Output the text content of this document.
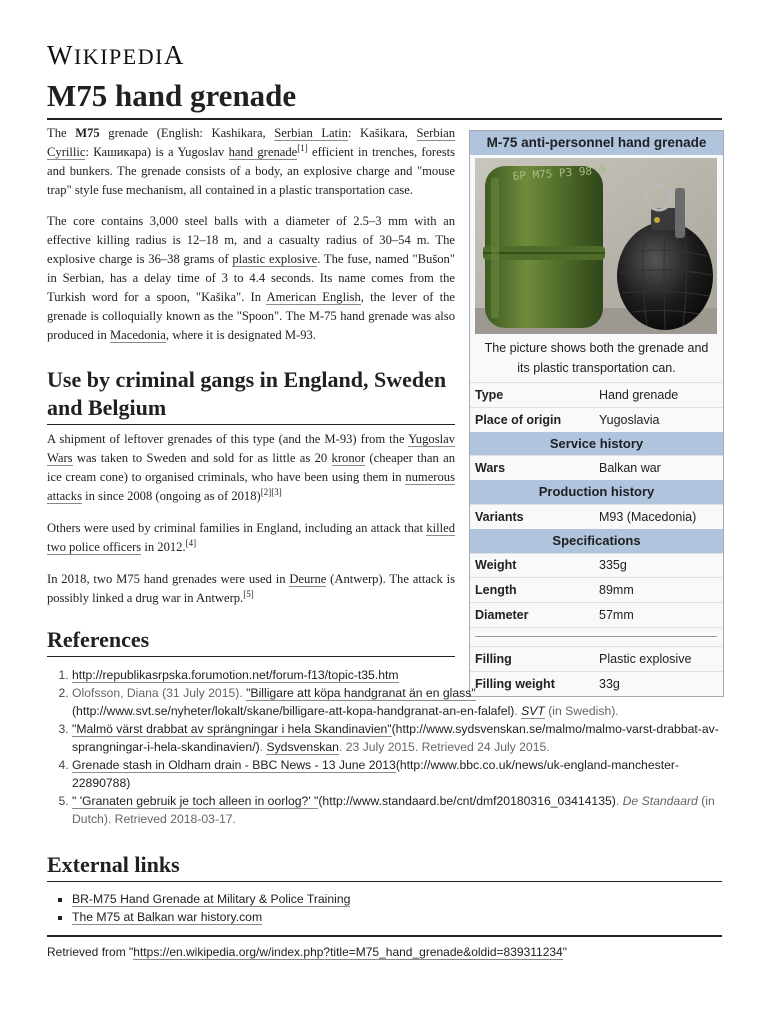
WIKIPEDIA
M75 hand grenade

The M75 grenade (English: Kashikara, Serbian Latin: Kašikara, Serbian Cyrillic: Кашикара) is a Yugoslav hand grenade[1] efficient in trenches, forests and bunkers. The grenade consists of a body, an explosive charge and "mouse trap" style fuse mechanism, all contained in a plastic transportation case.

The core contains 3,000 steel balls with a diameter of 2.5–3 mm with an effective killing radius is 12–18 m, and a casualty radius of 30–54 m. The explosive charge is 36–38 grams of plastic explosive. The fuse, named "Bušon" in Serbian, has a delay time of 3 to 4.4 seconds. Its name comes from the Turkish word for a spoon, "Kašika". In American English, the lever of the grenade is colloquially known as the "Spoon". The M-75 hand grenade was also produced in Macedonia, where it is designated M-93.

Use by criminal gangs in England, Sweden and Belgium

A shipment of leftover grenades of this type (and the M-93) from the Yugoslav Wars was taken to Sweden and sold for as little as 20 kronor (cheaper than an ice cream cone) to organised criminals, who have been using them in numerous attacks in since 2008 (ongoing as of 2018)[2][3]

Others were used by criminal families in England, including an attack that killed two police officers in 2012.[4]

In 2018, two M75 hand grenades were used in Deurne (Antwerp). The attack is possibly linked a drug war in Antwerp.[5]

M-75 anti-personnel hand grenade
БР M75 РЗ 98 Ф
The picture shows both the grenade and its plastic transportation can.
Type	Hand grenade
Place of origin	Yugoslavia
Service history
Wars	Balkan war
Production history
Variants	M93 (Macedonia)
Specifications
Weight	335g
Length	89mm
Diameter	57mm
Filling	Plastic explosive
Filling weight	33g
References
1. http://republikasrpska.forumotion.net/forum-f13/topic-t35.htm
2. Olofsson, Diana (31 July 2015). "Billigare att köpa handgranat än en glass"(http://www.svt.se/nyheter/lokalt/skane/billigare-att-kopa-handgranat-an-en-falafel). SVT (in Swedish).
3. "Malmö värst drabbat av sprängningar i hela Skandinavien"(http://www.sydsvenskan.se/malmo/malmo-varst-drabbat-av-sprangningar-i-hela-skandinavien/). Sydsvenskan. 23 July 2015. Retrieved 24 July 2015.
4. Grenade stash in Oldham drain - BBC News - 13 June 2013(http://www.bbc.co.uk/news/uk-england-manchester-22890788)
5. " 'Granaten gebruik je toch alleen in oorlog?' "(http://www.standaard.be/cnt/dmf20180316_03414135). De Standaard (in Dutch). Retrieved 2018-03-17.
External links
▪ BR-M75 Hand Grenade at Military & Police Training
▪ The M75 at Balkan war history.com
Retrieved from "https://en.wikipedia.org/w/index.php?title=M75_hand_grenade&oldid=839311234"
